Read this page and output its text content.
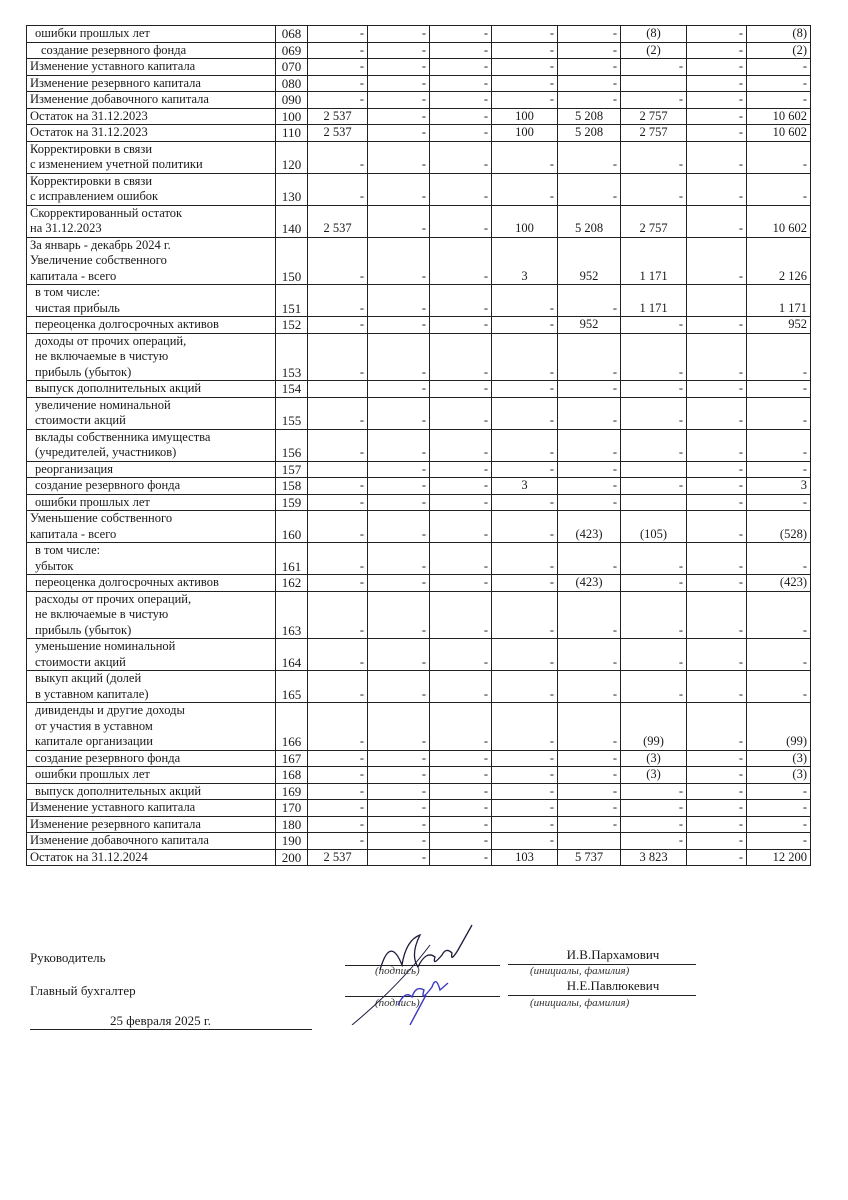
ошибки прошлых лет	068	-	-	-	-	-	(8)	-	(8)

создание резервного фонда	069	-	-	-	-	-	(2)	-	(2)

Изменение уставного капитала	070	-	-	-	-	-	-	-	-

Изменение резервного капитала	080	-	-	-	-	-		-	-

Изменение добавочного капитала	090	-	-	-	-	-	-	-	-

Остаток на 31.12.2023	100	2 537	-	-	100	5 208	2 757	-	10 602

Остаток на 31.12.2023	110	2 537	-	-	100	5 208	2 757	-	10 602

Корректировки в связи
с изменением учетной политики	120	-	-	-	-	-	-	-	-

Корректировки в связи
с исправлением ошибок	130	-	-	-	-	-	-	-	-

Скорректированный остаток
на 31.12.2023	140	2 537	-	-	100	5 208	2 757	-	10 602

За январь - декабрь 2024 г.
Увеличение собственного
капитала - всего	150	-	-	-	3	952	1 171	-	2 126

в том числе:
чистая прибыль	151	-	-	-	-	-	1 171		1 171

переоценка долгосрочных активов	152	-	-	-	-	952	-	-	952

доходы от прочих операций,
не включаемые в чистую
прибыль (убыток)	153	-	-	-	-	-	-	-	-

выпуск дополнительных акций	154		-	-	-	-	-	-	-

увеличение номинальной
стоимости акций	155	-	-	-	-	-	-	-	-

вклады собственника имущества
(учредителей, участников)	156	-	-	-	-	-	-	-	-

реорганизация	157		-	-	-	-		-	-

создание резервного фонда	158	-	-	-	3	-	-	-	3

ошибки прошлых лет	159	-	-	-	-	-		-	-

Уменьшение собственного
капитала - всего	160	-	-	-	-	(423)	(105)	-	(528)

в том числе:
убыток	161	-	-	-	-	-	-	-	-

переоценка долгосрочных активов	162	-	-	-	-	(423)	-	-	(423)

расходы от прочих операций,
не включаемые в чистую
прибыль (убыток)	163	-	-	-	-	-	-	-	-

уменьшение номинальной
стоимости акций	164	-	-	-	-	-	-	-	-

выкуп акций (долей
в уставном капитале)	165	-	-	-	-	-	-	-	-

дивиденды и другие доходы
от участия в уставном
капитале организации	166	-	-	-	-	-	(99)	-	(99)

создание резервного фонда	167	-	-	-	-	-	(3)	-	(3)

ошибки прошлых лет	168	-	-	-	-	-	(3)	-	(3)

выпуск дополнительных акций	169	-	-	-	-	-	-	-	-

Изменение уставного капитала	170	-	-	-	-	-	-	-	-

Изменение резервного капитала	180	-	-	-	-	-	-	-	-

Изменение добавочного капитала	190	-	-	-	-		-	-	-

Остаток на 31.12.2024	200	2 537	-	-	103	5 737	3 823	-	12 200
Руководитель
(подпись)
И.В.Пархамович
(инициалы, фамилия)
Главный бухгалтер
(подпись)
Н.Е.Павлюкевич
(инициалы, фамилия)
25 февраля 2025 г.
